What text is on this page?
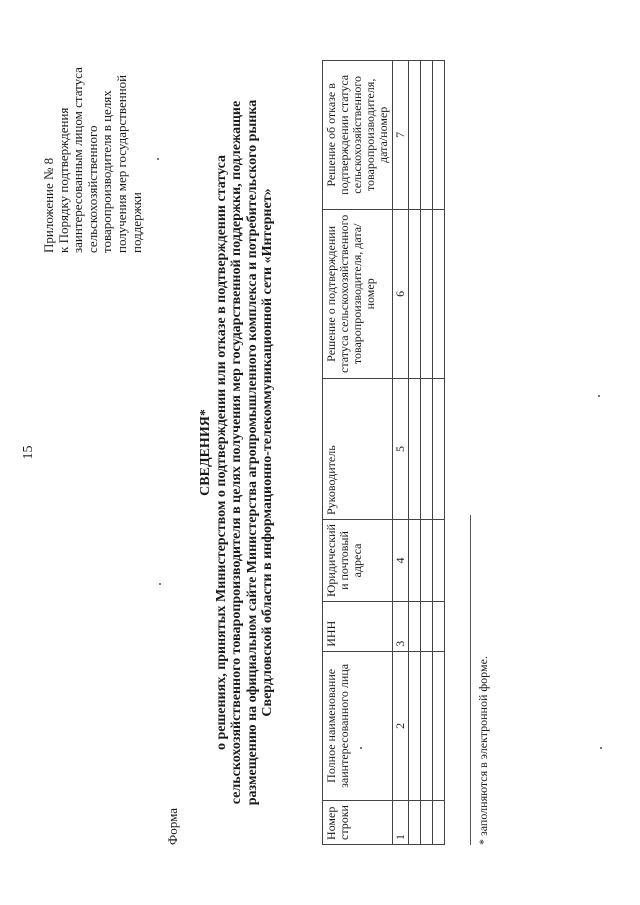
15
Приложение № 8 к Порядку подтверждения заинтересованным лицом статуса сельскохозяйственного товаропроизводителя в целях получения мер государственной поддержки
Форма
СВЕДЕНИЯ* о решениях, принятых Министерством о подтверждении или отказе в подтверждении статуса сельскохозяйственного товаропроизводителя в целях получения мер государственной поддержки, подлежащие размещению на официальном сайте Министерства агропромышленного комплекса и потребительского рынка Свердловской области в информационно-телекоммуникационной сети «Интернет»
Номер строки	Полное наименование заинтересованного лица	ИНН	Юридический и почтовый адреса	Руководитель	Решение о подтверждении статуса сельскохозяйственного товаропроизводителя, дата/номер	Решение об отказе в подтверждении статуса сельскохозяйственного товаропроизводителя, дата/номер
1	2	3	4	5	6	7

* заполняются в электронной форме.
